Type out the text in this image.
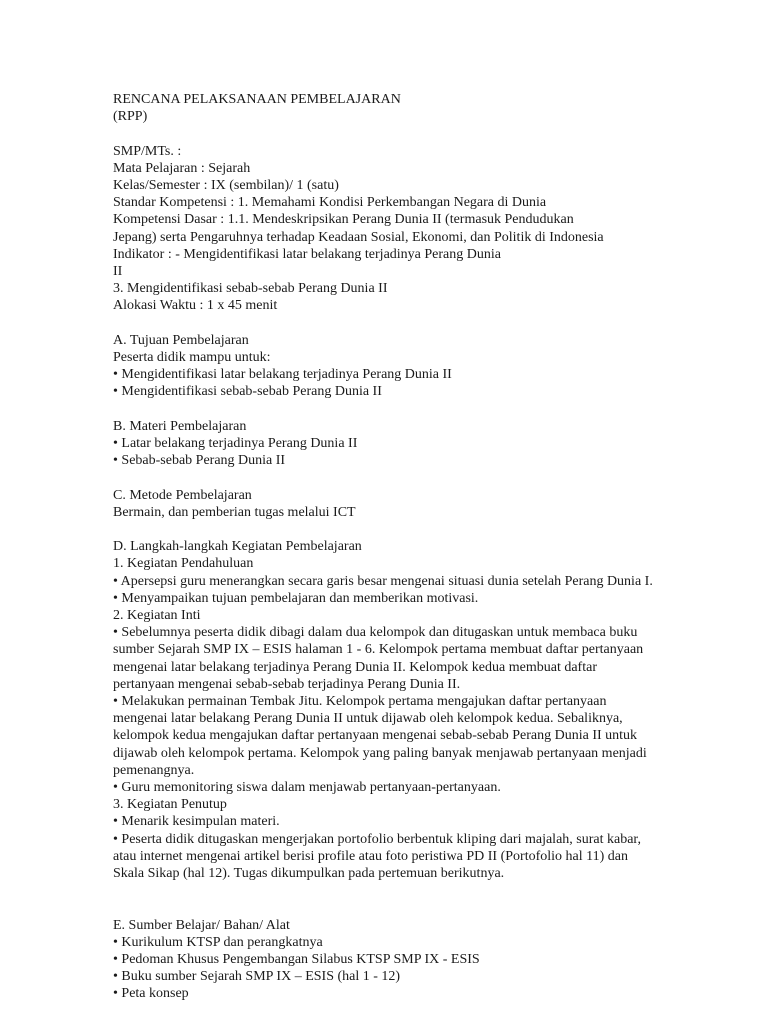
RENCANA PELAKSANAAN PEMBELAJARAN
(RPP)
SMP/MTs. :
Mata Pelajaran : Sejarah
Kelas/Semester : IX (sembilan)/ 1 (satu)
Standar Kompetensi : 1. Memahami Kondisi Perkembangan Negara di Dunia
Kompetensi Dasar : 1.1. Mendeskripsikan Perang Dunia II (termasuk Pendudukan
Jepang) serta Pengaruhnya terhadap Keadaan Sosial, Ekonomi, dan Politik di Indonesia
Indikator : - Mengidentifikasi latar belakang terjadinya Perang Dunia
II
3. Mengidentifikasi sebab-sebab Perang Dunia II
Alokasi Waktu : 1 x 45 menit
A. Tujuan Pembelajaran
Peserta didik mampu untuk:
• Mengidentifikasi latar belakang terjadinya Perang Dunia II
• Mengidentifikasi sebab-sebab Perang Dunia II
B. Materi Pembelajaran
• Latar belakang terjadinya Perang Dunia II
• Sebab-sebab Perang Dunia II
C. Metode Pembelajaran
Bermain, dan pemberian tugas melalui ICT
D. Langkah-langkah Kegiatan Pembelajaran
1. Kegiatan Pendahuluan
• Apersepsi guru menerangkan secara garis besar mengenai situasi dunia setelah Perang Dunia I.
• Menyampaikan tujuan pembelajaran dan memberikan motivasi.
2. Kegiatan Inti
• Sebelumnya peserta didik dibagi dalam dua kelompok dan ditugaskan untuk membaca buku sumber Sejarah SMP IX – ESIS halaman 1 - 6. Kelompok pertama membuat daftar pertanyaan mengenai latar belakang terjadinya Perang Dunia II. Kelompok kedua membuat daftar pertanyaan mengenai sebab-sebab terjadinya Perang Dunia II.
• Melakukan permainan Tembak Jitu. Kelompok pertama mengajukan daftar pertanyaan mengenai latar belakang Perang Dunia II untuk dijawab oleh kelompok kedua. Sebaliknya, kelompok kedua mengajukan daftar pertanyaan mengenai sebab-sebab Perang Dunia II untuk dijawab oleh kelompok pertama. Kelompok yang paling banyak menjawab pertanyaan menjadi pemenangnya.
• Guru memonitoring siswa dalam menjawab pertanyaan-pertanyaan.
3. Kegiatan Penutup
• Menarik kesimpulan materi.
• Peserta didik ditugaskan mengerjakan portofolio berbentuk kliping dari majalah, surat kabar, atau internet mengenai artikel berisi profile atau foto peristiwa PD II (Portofolio hal 11) dan Skala Sikap (hal 12). Tugas dikumpulkan pada pertemuan berikutnya.
E. Sumber Belajar/ Bahan/ Alat
• Kurikulum KTSP dan perangkatnya
• Pedoman Khusus Pengembangan Silabus KTSP SMP IX - ESIS
• Buku sumber Sejarah SMP IX – ESIS (hal 1 - 12)
• Peta konsep
